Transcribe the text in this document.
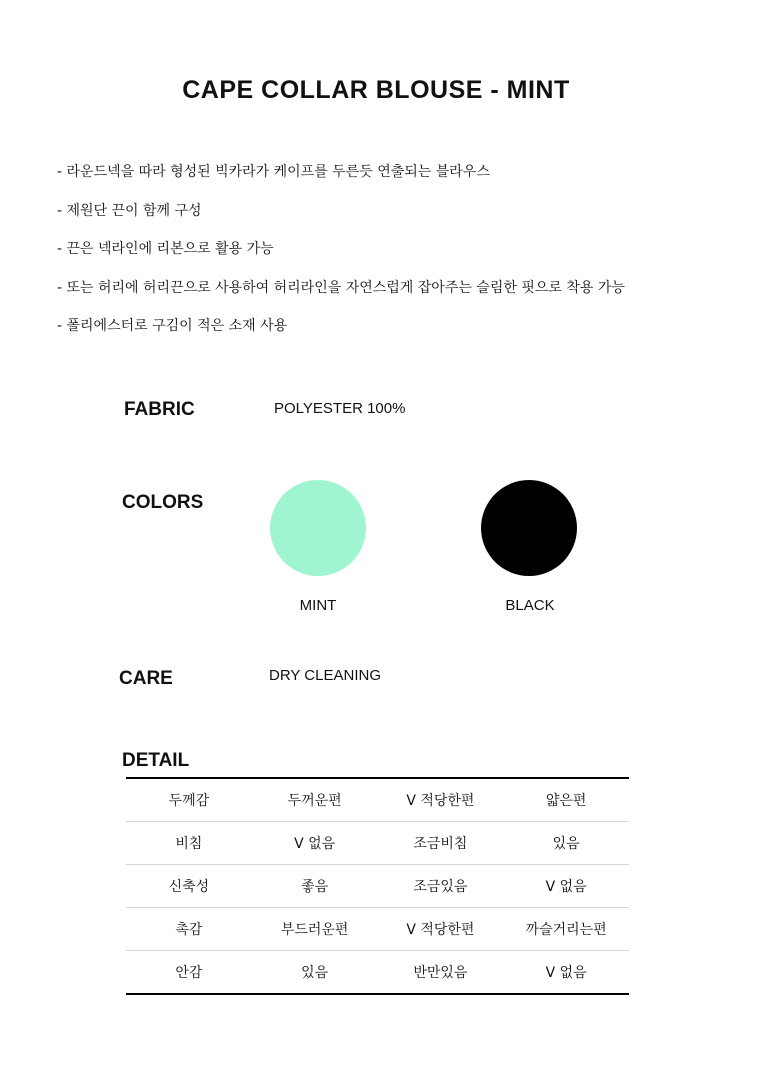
CAPE COLLAR BLOUSE - MINT
- 라운드넥을 따라 형성된 빅카라가 케이프를 두른듯 연출되는 블라우스
- 제원단 끈이 함께 구성
- 끈은 넥라인에 리본으로 활용 가능
- 또는 허리에 허리끈으로 사용하여 허리라인을 자연스럽게 잡아주는 슬림한 핏으로 착용 가능
- 폴리에스터로 구김이 적은 소재 사용
FABRIC	POLYESTER 100%
COLORS
MINT	BLACK
CARE	DRY CLEANING
DETAIL
두께감	두꺼운편	V 적당한편	얇은편
비침	V 없음	조금비침	있음
신축성	좋음	조금있음	V 없음
촉감	부드러운편	V 적당한편	까슬거리는편
안감	있음	반만있음	V 없음
